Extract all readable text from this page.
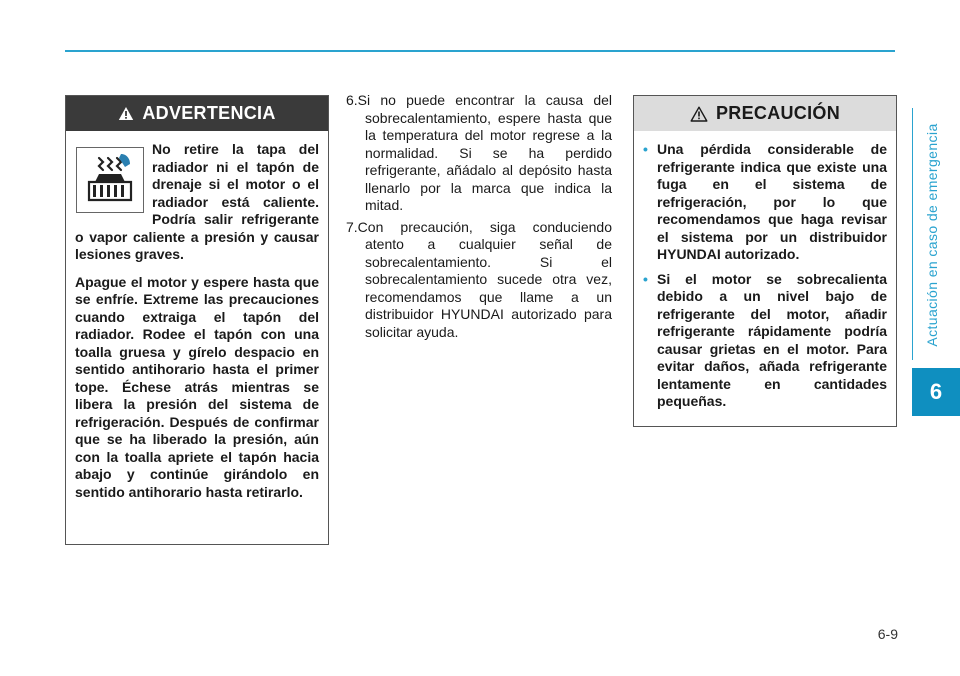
Actuación en caso de emergencia
6
ADVERTENCIA

No retire la tapa del radiador ni el tapón de drenaje si el motor o el radiador está caliente. Podría salir refrigerante o vapor caliente a presión y causar lesiones graves.

Apague el motor y espere hasta que se enfríe. Extreme las precauciones cuando extraiga el tapón del radiador. Rodee el tapón con una toalla gruesa y gírelo despacio en sentido antihorario hasta el primer tope. Échese atrás mientras se libera la presión del sistema de refrigeración. Después de confirmar que se ha liberado la presión, aún con la toalla apriete el tapón hacia abajo y continúe girándolo en sentido antihorario hasta retirarlo.

6.Si no puede encontrar la causa del sobrecalentamiento, espere hasta que la temperatura del motor regrese a la normalidad. Si se ha perdido refrigerante, añádalo al depósito hasta llenarlo por la marca que indica la mitad.

7.Con precaución, siga conduciendo atento a cualquier señal de sobrecalentamiento. Si el sobrecalentamiento sucede otra vez, recomendamos que llame a un distribuidor HYUNDAI autorizado para solicitar ayuda.

PRECAUCIÓN
• Una pérdida considerable de refrigerante indica que existe una fuga en el sistema de refrigeración, por lo que recomendamos que haga revisar el sistema por un distribuidor HYUNDAI autorizado.
• Si el motor se sobrecalienta debido a un nivel bajo de refrigerante del motor, añadir refrigerante rápidamente podría causar grietas en el motor. Para evitar daños, añada refrigerante lentamente en cantidades pequeñas.
6-9
